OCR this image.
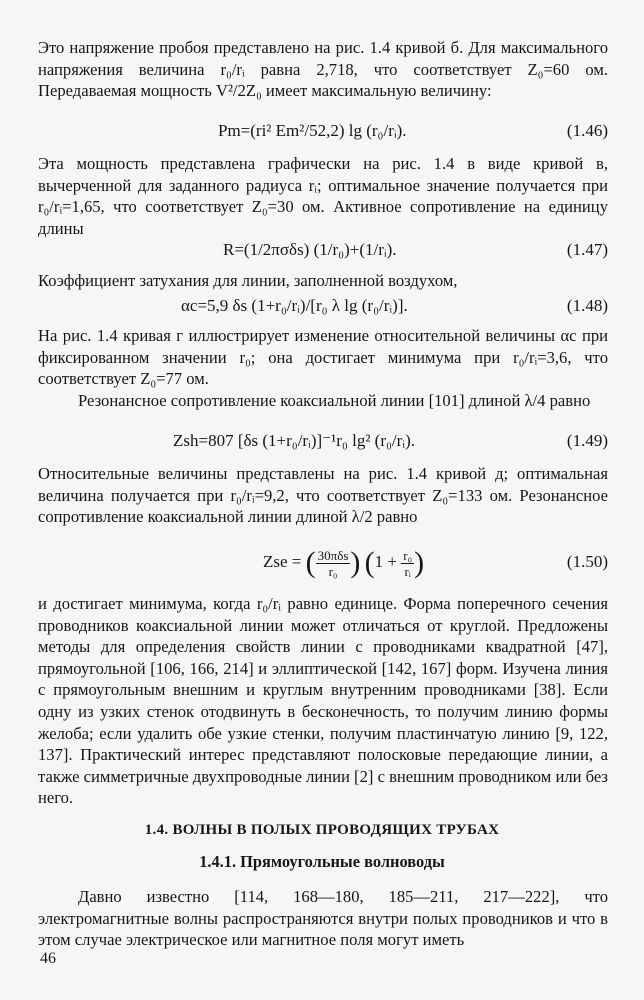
Это напряжение пробоя представлено на рис. 1.4 кривой б. Для максимального напряжения величина r₀/rᵢ равна 2,718, что соответствует Z₀=60 ом. Передаваемая мощность V²/2Z₀ имеет максимальную величину:

Pm=(ri² Em²/52,2) lg (r₀/rᵢ).	(1.46)

Эта мощность представлена графически на рис. 1.4 в виде кривой в, вычерченной для заданного радиуса rᵢ; оптимальное значение получается при r₀/rᵢ=1,65, что соответствует Z₀=30 ом. Активное сопротивление на единицу длины

R=(1/2πσδs) (1/r₀)+(1/rᵢ).	(1.47)

Коэффициент затухания для линии, заполненной воздухом,

αc=5,9 δs (1+r₀/rᵢ)/[r₀ λ lg (r₀/rᵢ)].	(1.48)

На рис. 1.4 кривая г иллюстрирует изменение относительной величины αc при фиксированном значении r₀; она достигает минимума при r₀/rᵢ=3,6, что соответствует Z₀=77 ом.

Резонансное сопротивление коаксиальной линии [101] длиной λ/4 равно

Zsh=807 [δs (1+r₀/rᵢ)]⁻¹r₀ lg² (r₀/rᵢ).	(1.49)

Относительные величины представлены на рис. 1.4 кривой д; оптимальная величина получается при r₀/rᵢ=9,2, что соответствует Z₀=133 ом. Резонансное сопротивление коаксиальной линии длиной λ/2 равно

Zse = ( $\frac{\text{30πδs}}{\text{r₀}}$ ) ($1 + \frac{\text{r₀}}{\text{rᵢ}}$ )	(1.50)

и достигает минимума, когда r₀/rᵢ равно единице. Форма поперечного сечения проводников коаксиальной линии может отличаться от круглой. Предложены методы для определения свойств линии с проводниками квадратной [47], прямоугольной [106, 166, 214] и эллиптической [142, 167] форм. Изучена линия с прямоугольным внешним и круглым внутренним проводниками [38]. Если одну из узких стенок отодвинуть в бесконечность, то получим линию формы желоба; если удалить обе узкие стенки, получим пластинчатую линию [9, 122, 137]. Практический интерес представляют полосковые передающие линии, а также симметричные двухпроводные линии [2] с внешним проводником или без него.

1.4. ВОЛНЫ В ПОЛЫХ ПРОВОДЯЩИХ ТРУБАХ

1.4.1. Прямоугольные волноводы

Давно известно [114, 168—180, 185—211, 217—222], что электромагнитные волны распространяются внутри полых проводников и что в этом случае электрическое или магнитное поля могут иметь

46
